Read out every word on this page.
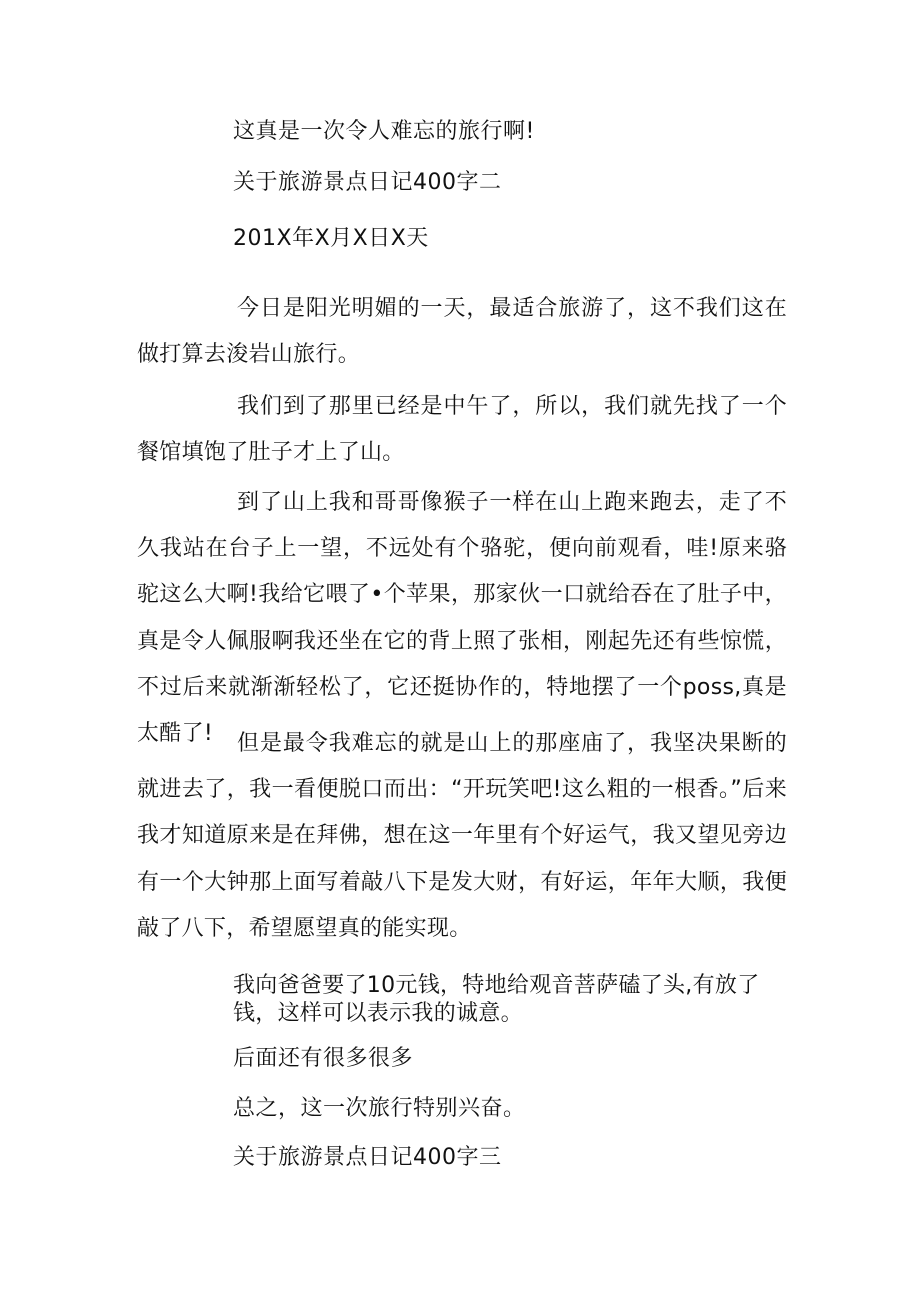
这真是一次令人难忘的旅行啊!
关于旅游景点日记400字二
201X年X月X日X天
今日是阳光明媚的一天，最适合旅游了，这不我们这在做打算去浚岩山旅行。
我们到了那里已经是中午了，所以，我们就先找了一个餐馆填饱了肚子才上了山。
到了山上我和哥哥像猴子一样在山上跑来跑去，走了不久我站在台子上一望，不远处有个骆驼，便向前观看，哇!原来骆驼这么大啊!我给它喂了•个苹果，那家伙一口就给吞在了肚子中，真是令人佩服啊我还坐在它的背上照了张相，刚起先还有些惊慌，不过后来就渐渐轻松了，它还挺协作的，特地摆了一个poss,真是太酷了!	但是最令我难忘的就是山上的那座庙了，我坚决果断的就进去了，我一看便脱口而出：“开玩笑吧!这么粗的一根香。”后来我才知道原来是在拜佛，想在这一年里有个好运气，我又望见旁边有一个大钟那上面写着敲八下是发大财，有好运，年年大顺，我便敲了八下，希望愿望真的能实现。
我向爸爸要了10元钱，特地给观音菩萨磕了头,有放了钱，这样可以表示我的诚意。
后面还有很多很多
总之，这一次旅行特别兴奋。
关于旅游景点日记400字三
